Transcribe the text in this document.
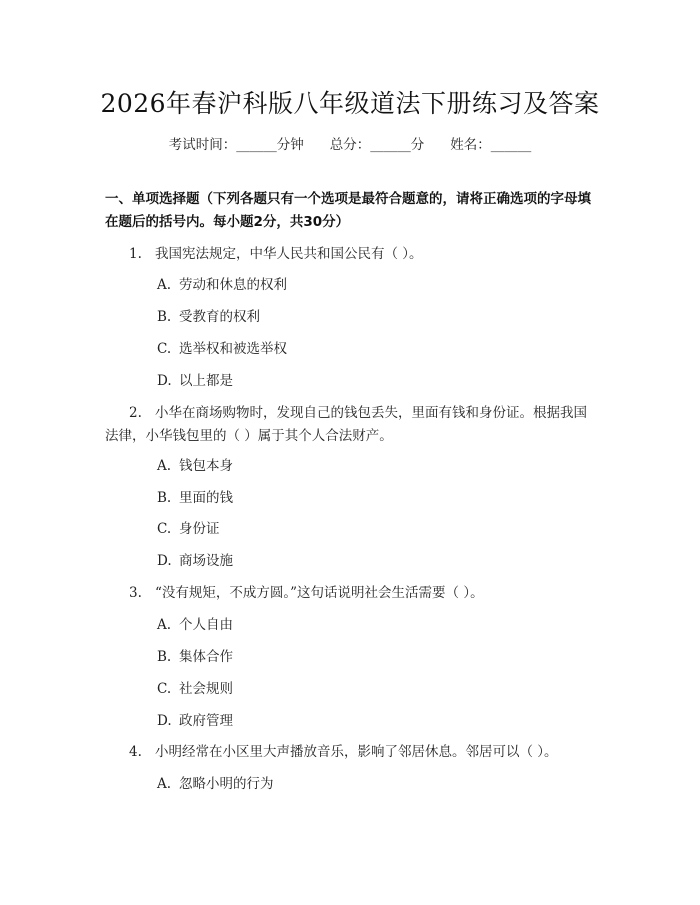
2026年春沪科版八年级道法下册练习及答案
考试时间：______分钟 总分：______分 姓名：______
一、单项选择题（下列各题只有一个选项是最符合题意的，请将正确选项的字母填在题后的括号内。每小题2分，共30分）
1. 我国宪法规定，中华人民共和国公民有（ ）。
A. 劳动和休息的权利
B. 受教育的权利
C. 选举权和被选举权
D. 以上都是
2. 小华在商场购物时，发现自己的钱包丢失，里面有钱和身份证。根据我国
法律，小华钱包里的（ ）属于其个人合法财产。
A. 钱包本身
B. 里面的钱
C. 身份证
D. 商场设施
3. “没有规矩，不成方圆。”这句话说明社会生活需要（ ）。
A. 个人自由
B. 集体合作
C. 社会规则
D. 政府管理
4. 小明经常在小区里大声播放音乐，影响了邻居休息。邻居可以（ ）。
A. 忽略小明的行为
